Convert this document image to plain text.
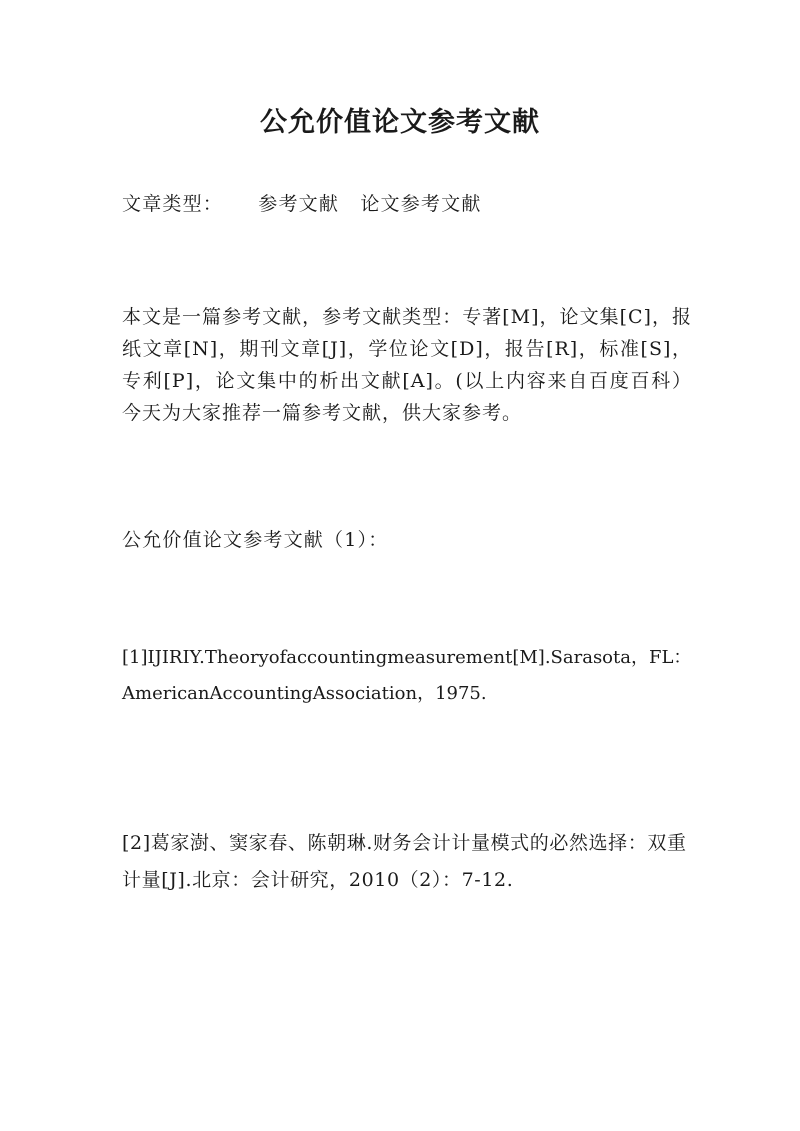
公允价值论文参考文献

文章类型： 参考文献 论文参考文献

本文是一篇参考文献，参考文献类型：专著[M]，论文集[C]，报纸文章[N]，期刊文章[J]，学位论文[D]，报告[R]，标准[S]，专利[P]，论文集中的析出文献[A]。(以上内容来自百度百科）今天为大家推荐一篇参考文献，供大家参考。

公允价值论文参考文献（1）：

[1]IJIRIY.Theoryofaccountingmeasurement[M].Sarasota，FL：AmericanAccountingAssociation，1975.

[2]葛家澍、窦家春、陈朝琳.财务会计计量模式的必然选择：双重计量[J].北京：会计研究，2010（2）：7-12.
